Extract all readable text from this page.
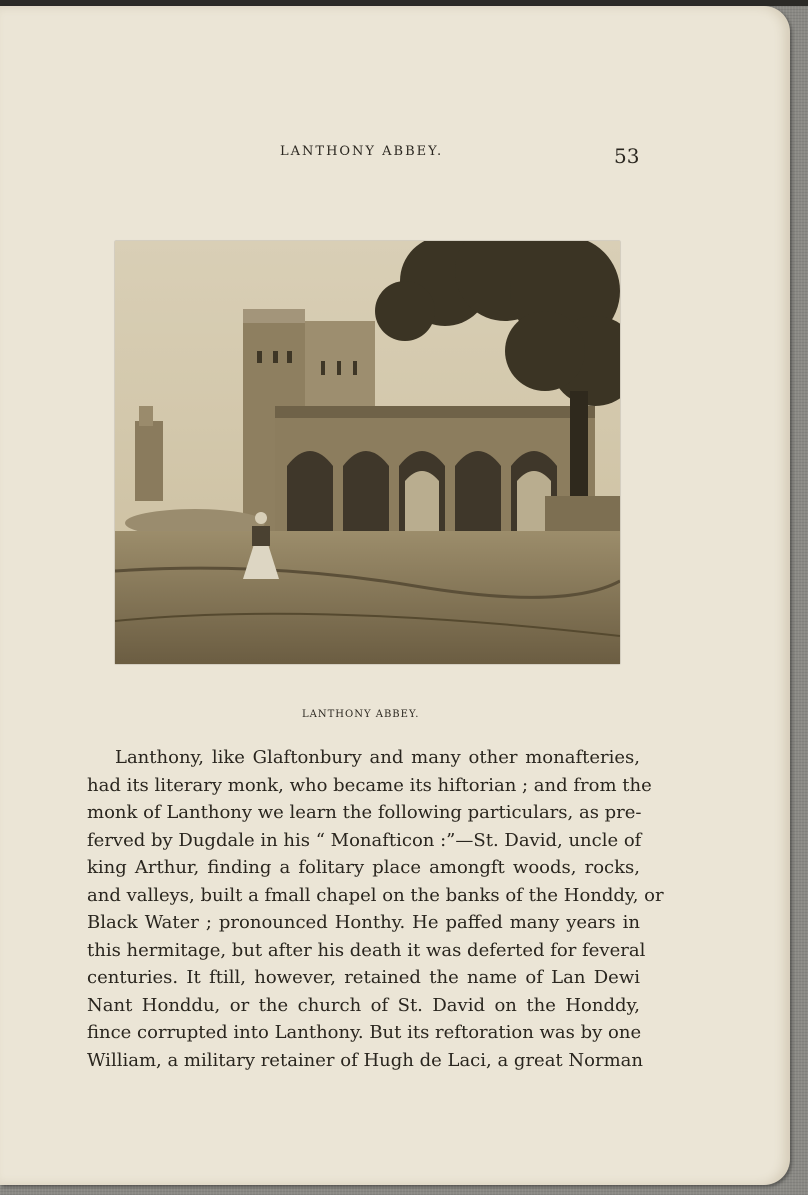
LANTHONY ABBEY.	53
LANTHONY ABBEY.
Lanthony, like Glaftonbury and many other monafteries,
had its literary monk, who became its hiftorian ; and from the
monk of Lanthony we learn the following particulars, as pre-
ferved by Dugdale in his “ Monafticon :”—St. David, uncle of
king Arthur, finding a folitary place amongft woods, rocks,
and valleys, built a fmall chapel on the banks of the Honddy, or
Black Water ; pronounced Honthy. He paffed many years in
this hermitage, but after his death it was deferted for feveral
centuries. It ftill, however, retained the name of Lan Dewi
Nant Honddu, or the church of St. David on the Honddy,
fince corrupted into Lanthony. But its reftoration was by one
William, a military retainer of Hugh de Laci, a great Norman
